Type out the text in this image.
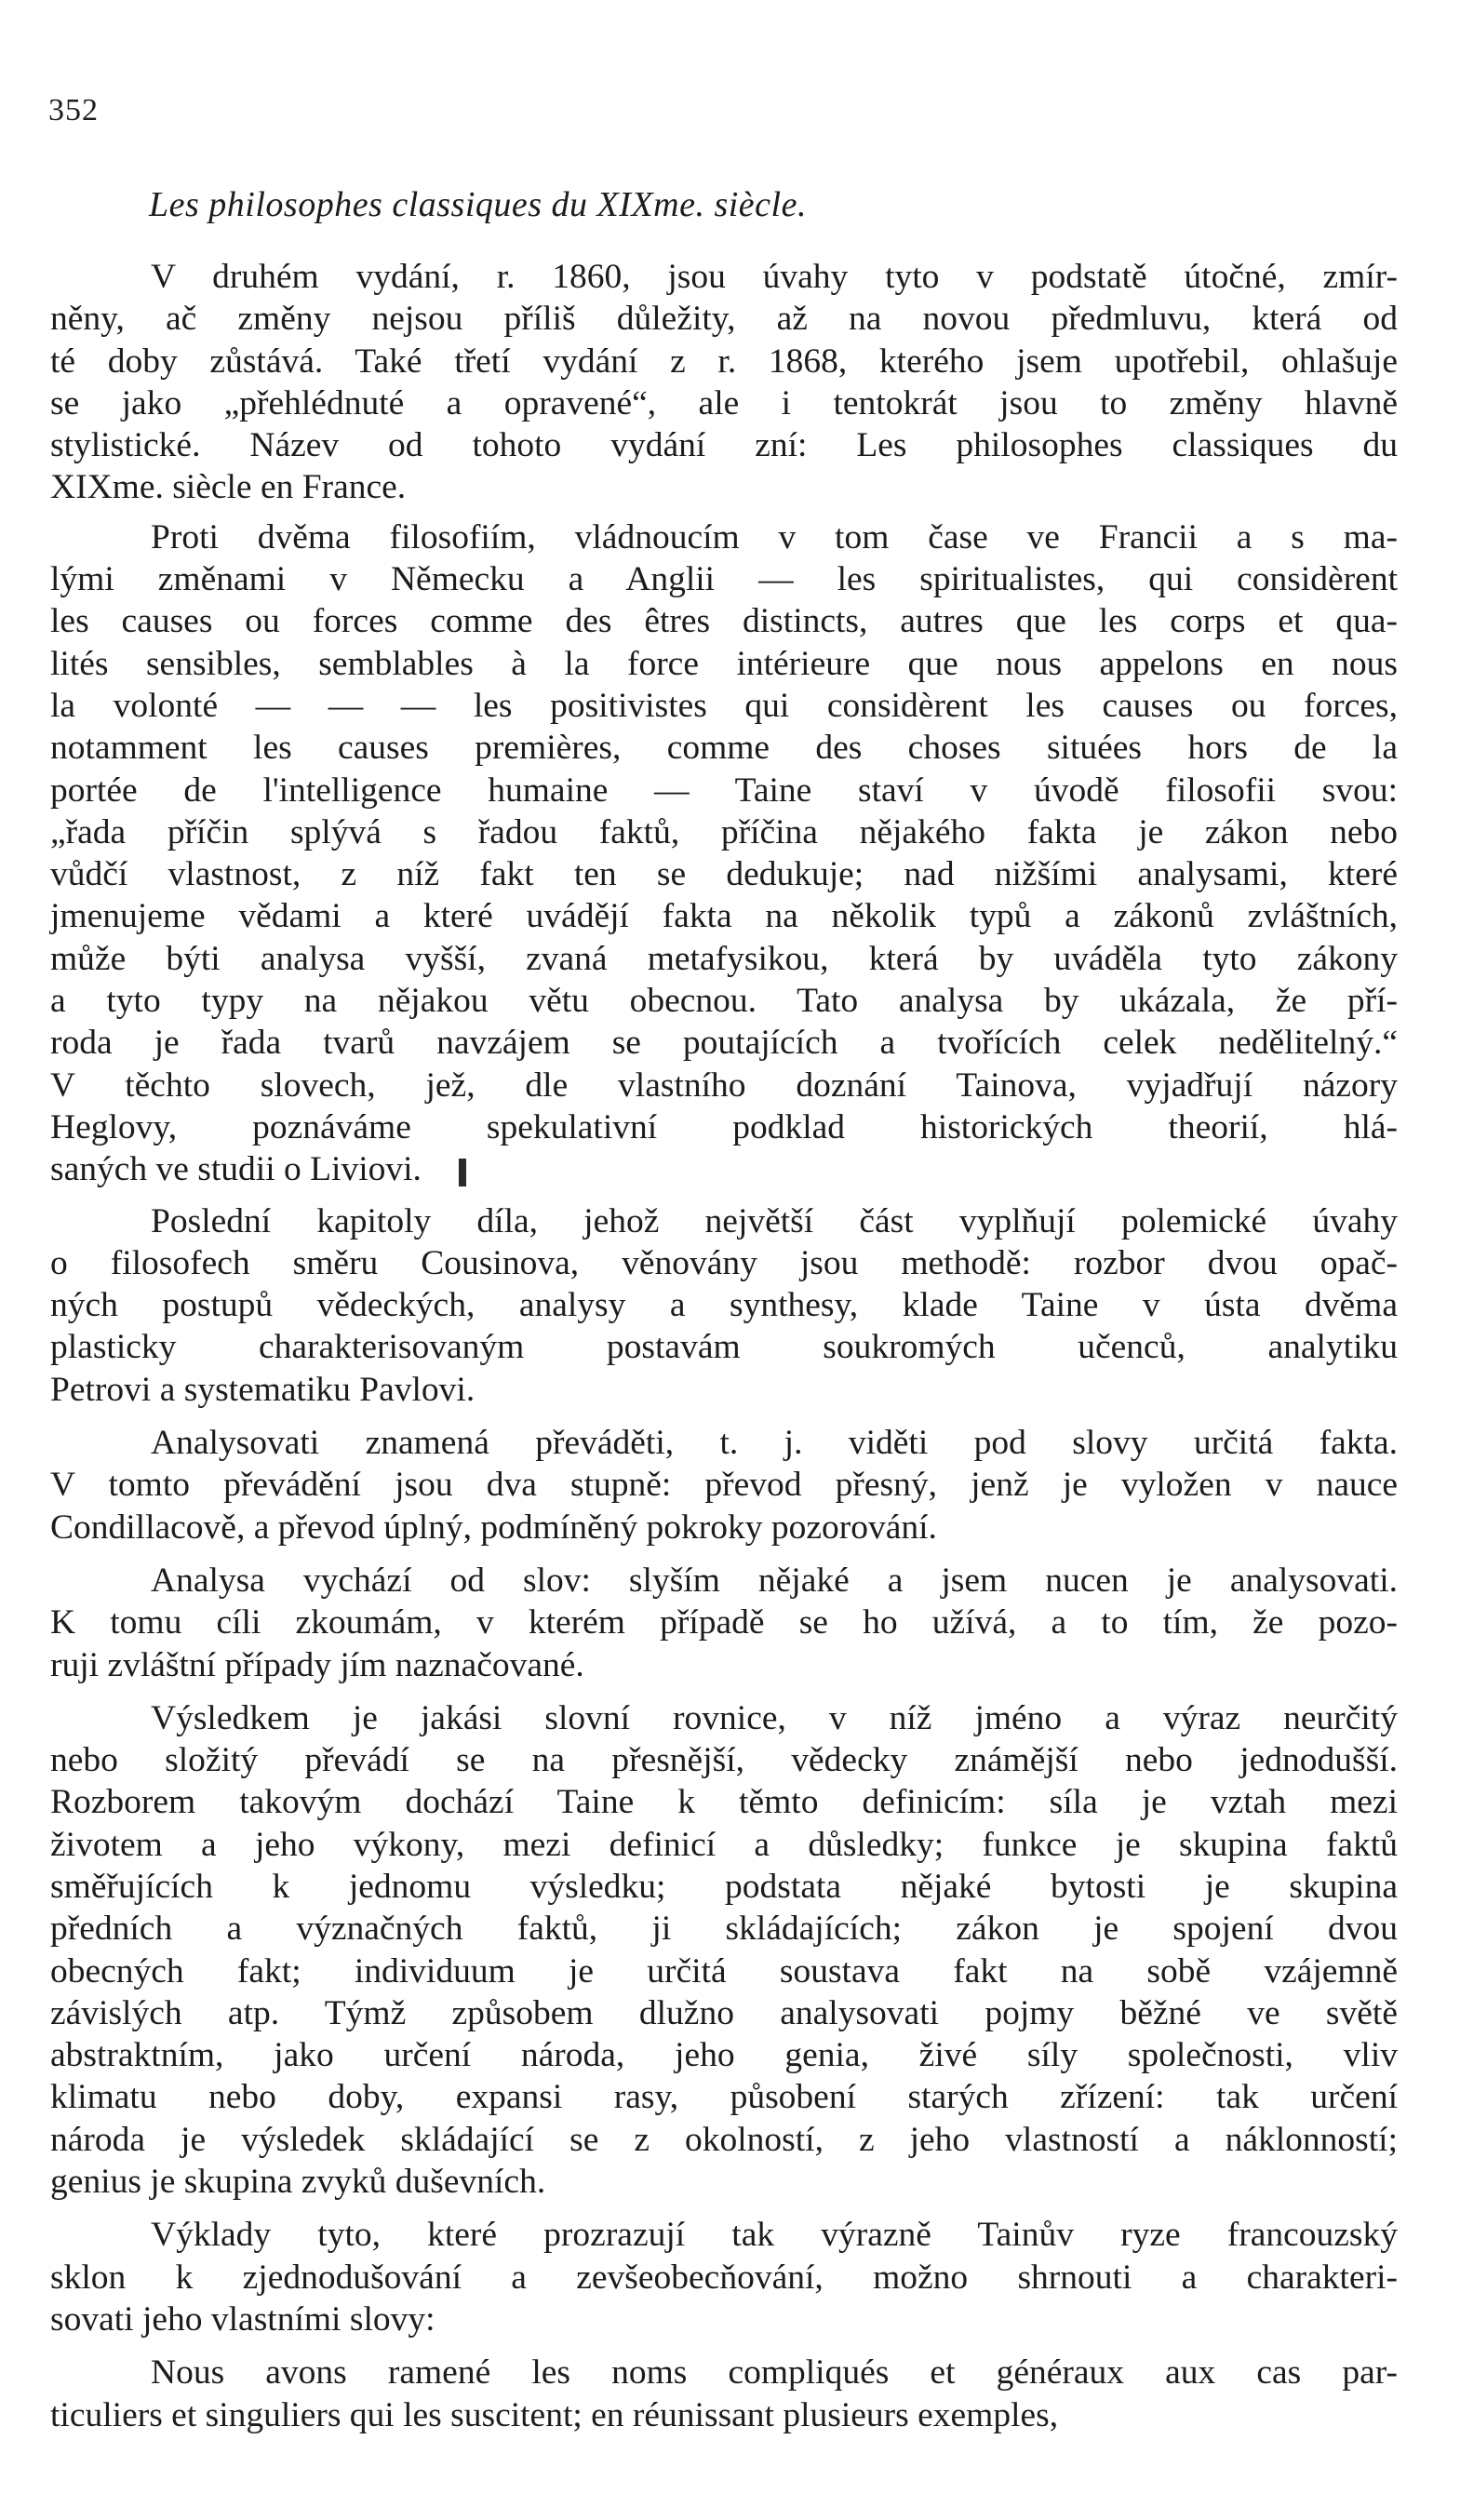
352
Les philosophes classiques du XIXme. siècle.
V druhém vydání, r. 1860, jsou úvahy tyto v podstatě útočné, zmír-
něny, ač změny nejsou příliš důležity, až na novou předmluvu, která od
té doby zůstává. Také třetí vydání z r. 1868, kterého jsem upotřebil, ohlašuje
se jako „přehlédnuté a opravené“, ale i tentokrát jsou to změny hlavně
stylistické. Název od tohoto vydání zní: Les philosophes classiques du
XIXme. siècle en France.
Proti dvěma filosofiím, vládnoucím v tom čase ve Francii a s ma-
lými změnami v Německu a Anglii — les spiritualistes, qui considèrent
les causes ou forces comme des êtres distincts, autres que les corps et qua-
lités sensibles, semblables à la force intérieure que nous appelons en nous
la volonté — — — les positivistes qui considèrent les causes ou forces,
notamment les causes premières, comme des choses situées hors de la
portée de l'intelligence humaine — Taine staví v úvodě filosofii svou:
„řada příčin splývá s řadou faktů, příčina nějakého fakta je zákon nebo
vůdčí vlastnost, z níž fakt ten se dedukuje; nad nižšími analysami, které
jmenujeme vědami a které uvádějí fakta na několik typů a zákonů zvláštních,
může býti analysa vyšší, zvaná metafysikou, která by uváděla tyto zákony
a tyto typy na nějakou větu obecnou. Tato analysa by ukázala, že pří-
roda je řada tvarů navzájem se poutajících a tvořících celek nedělitelný.“
V těchto slovech, jež, dle vlastního doznání Tainova, vyjadřují názory
Heglovy, poznáváme spekulativní podklad historických theorií, hlá-
saných ve studii o Liviovi.
Poslední kapitoly díla, jehož největší část vyplňují polemické úvahy
o filosofech směru Cousinova, věnovány jsou methodě: rozbor dvou opač-
ných postupů vědeckých, analysy a synthesy, klade Taine v ústa dvěma
plasticky charakterisovaným postavám soukromých učenců, analytiku
Petrovi a systematiku Pavlovi.
Analysovati znamená převáděti, t. j. viděti pod slovy určitá fakta.
V tomto převádění jsou dva stupně: převod přesný, jenž je vyložen v nauce
Condillacově, a převod úplný, podmíněný pokroky pozorování.
Analysa vychází od slov: slyším nějaké a jsem nucen je analysovati.
K tomu cíli zkoumám, v kterém případě se ho užívá, a to tím, že pozo-
ruji zvláštní případy jím naznačované.
Výsledkem je jakási slovní rovnice, v níž jméno a výraz neurčitý
nebo složitý převádí se na přesnější, vědecky známější nebo jednodušší.
Rozborem takovým dochází Taine k těmto definicím: síla je vztah mezi
životem a jeho výkony, mezi definicí a důsledky; funkce je skupina faktů
směřujících k jednomu výsledku; podstata nějaké bytosti je skupina
předních a význačných faktů, ji skládajících; zákon je spojení dvou
obecných fakt; individuum je určitá soustava fakt na sobě vzájemně
závislých atp. Týmž způsobem dlužno analysovati pojmy běžné ve světě
abstraktním, jako určení národa, jeho genia, živé síly společnosti, vliv
klimatu nebo doby, expansi rasy, působení starých zřízení: tak určení
národa je výsledek skládající se z okolností, z jeho vlastností a náklonností;
genius je skupina zvyků duševních.
Výklady tyto, které prozrazují tak výrazně Tainův ryze francouzský
sklon k zjednodušování a zevšeobecňování, možno shrnouti a charakteri-
sovati jeho vlastními slovy:
Nous avons ramené les noms compliqués et généraux aux cas par-
ticuliers et singuliers qui les suscitent; en réunissant plusieurs exemples,
